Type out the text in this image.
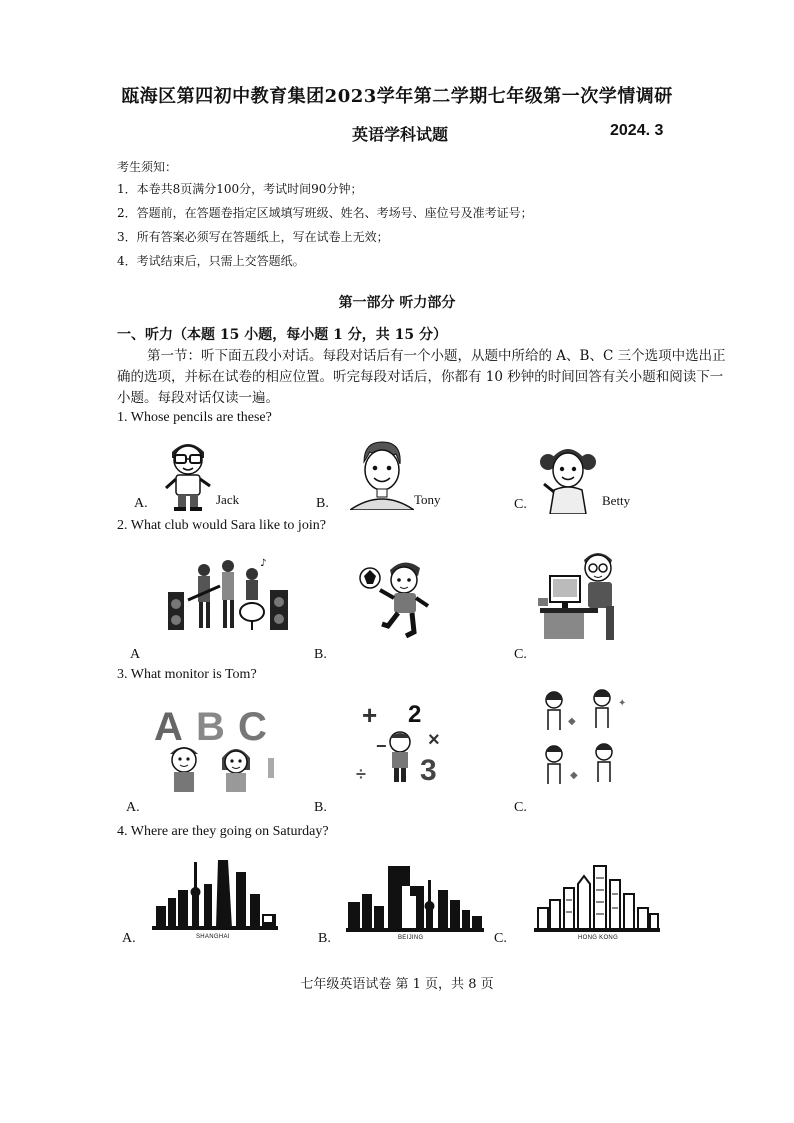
瓯海区第四初中教育集团2023学年第二学期七年级第一次学情调研
英语学科试题	2024. 3
考生须知：
1．本卷共8页满分100分，考试时间90分钟；
2．答题前，在答题卷指定区域填写班级、姓名、考场号、座位号及准考证号；
3．所有答案必须写在答题纸上，写在试卷上无效；
4．考试结束后，只需上交答题纸。
第一部分 听力部分
一、听力（本题 15 小题，每小题 1 分，共 15 分）
第一节：听下面五段小对话。每段对话后有一个小题，从题中所给的 A、B、C 三个选项中选出正确的选项，并标在试卷的相应位置。听完每段对话后，你都有 10 秒钟的时间回答有关小题和阅读下一小题。每段对话仅读一遍。
1. Whose pencils are these?
A.	Jack	B.	Tony	C.	Betty
2. What club would Sara like to join?
♪
A	B.	C.
3. What monitor is Tom?
A B C
A.
+ 2
×
3
÷
−
B.
◆
✦
◆
C.
4. Where are they going on Saturday?
SHANGHAI
A.	BEIJING
B.	HONG KONG
C.
七年级英语试卷 第 1 页，共 8 页
